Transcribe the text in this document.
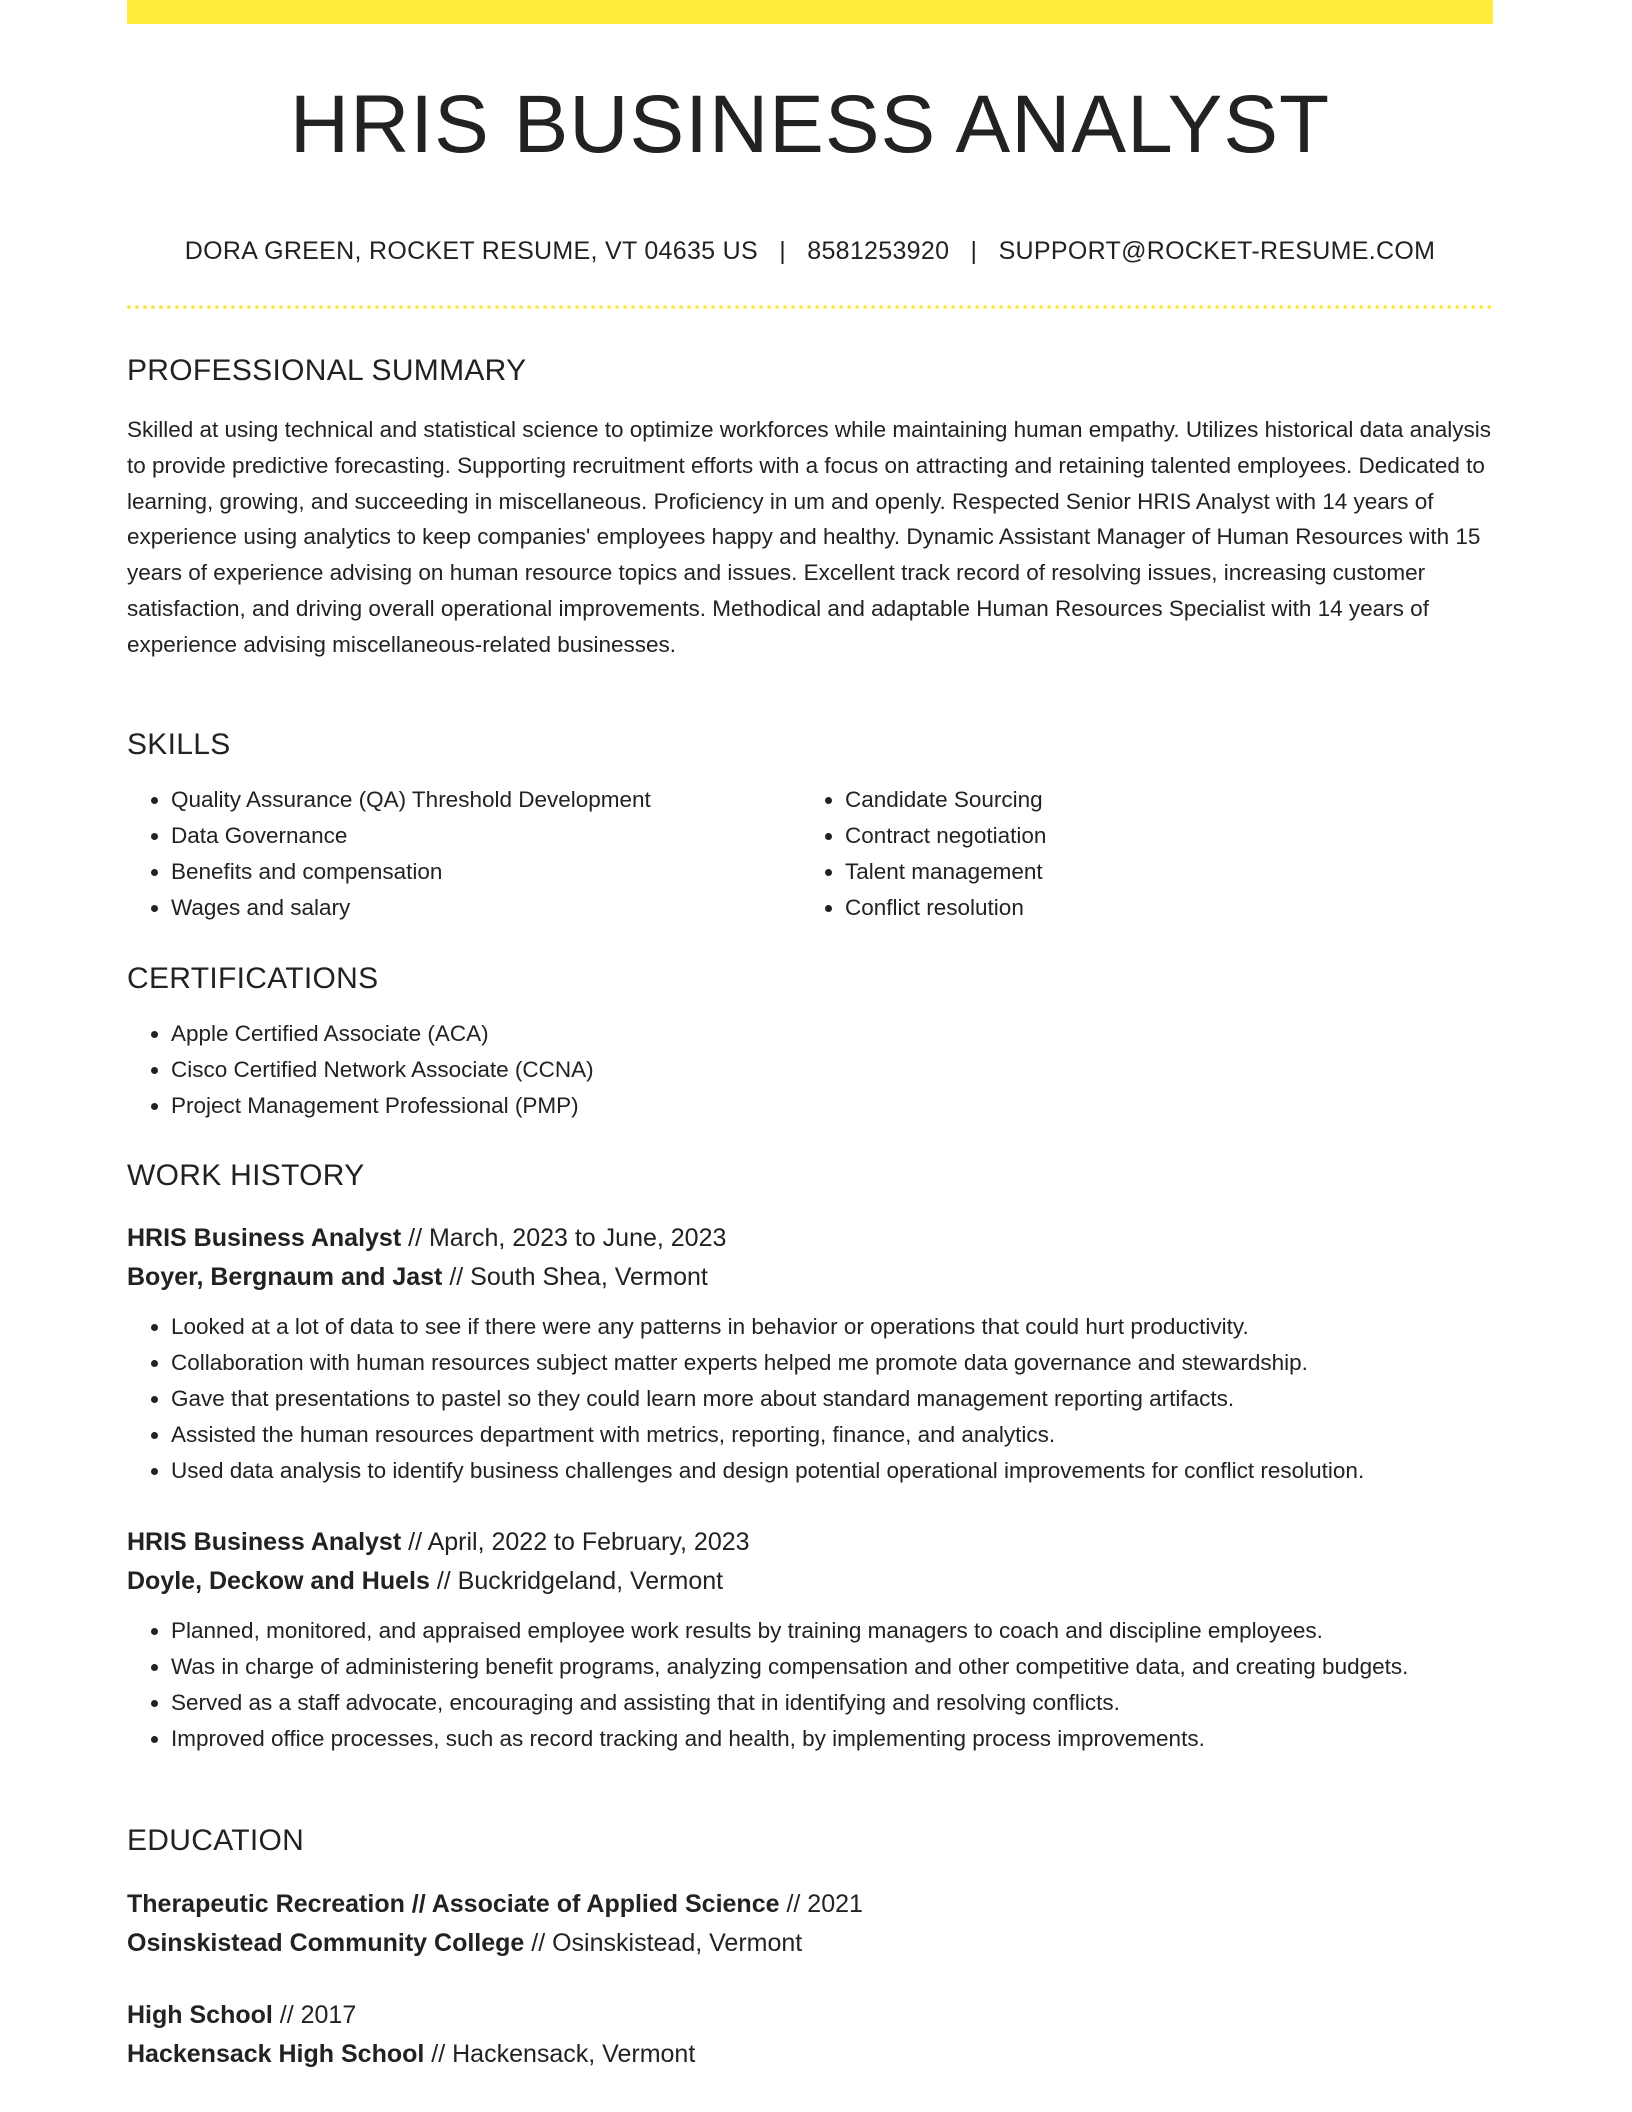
HRIS BUSINESS ANALYST
DORA GREEN, ROCKET RESUME, VT 04635 US | 8581253920 | SUPPORT@ROCKET-RESUME.COM
PROFESSIONAL SUMMARY

Skilled at using technical and statistical science to optimize workforces while maintaining human empathy. Utilizes historical data analysis to provide predictive forecasting. Supporting recruitment efforts with a focus on attracting and retaining talented employees. Dedicated to learning, growing, and succeeding in miscellaneous. Proficiency in um and openly. Respected Senior HRIS Analyst with 14 years of experience using analytics to keep companies' employees happy and healthy. Dynamic Assistant Manager of Human Resources with 15 years of experience advising on human resource topics and issues. Excellent track record of resolving issues, increasing customer satisfaction, and driving overall operational improvements. Methodical and adaptable Human Resources Specialist with 14 years of experience advising miscellaneous-related businesses.

SKILLS
• Quality Assurance (QA) Threshold Development
• Data Governance
• Benefits and compensation
• Wages and salary
• Candidate Sourcing
• Contract negotiation
• Talent management
• Conflict resolution
CERTIFICATIONS
• Apple Certified Associate (ACA)
• Cisco Certified Network Associate (CCNA)
• Project Management Professional (PMP)
WORK HISTORY
HRIS Business Analyst // March, 2023 to June, 2023
Boyer, Bergnaum and Jast // South Shea, Vermont
• Looked at a lot of data to see if there were any patterns in behavior or operations that could hurt productivity.
• Collaboration with human resources subject matter experts helped me promote data governance and stewardship.
• Gave that presentations to pastel so they could learn more about standard management reporting artifacts.
• Assisted the human resources department with metrics, reporting, finance, and analytics.
• Used data analysis to identify business challenges and design potential operational improvements for conflict resolution.
HRIS Business Analyst // April, 2022 to February, 2023
Doyle, Deckow and Huels // Buckridgeland, Vermont
• Planned, monitored, and appraised employee work results by training managers to coach and discipline employees.
• Was in charge of administering benefit programs, analyzing compensation and other competitive data, and creating budgets.
• Served as a staff advocate, encouraging and assisting that in identifying and resolving conflicts.
• Improved office processes, such as record tracking and health, by implementing process improvements.
EDUCATION
Therapeutic Recreation // Associate of Applied Science // 2021
Osinskistead Community College // Osinskistead, Vermont
High School // 2017
Hackensack High School // Hackensack, Vermont
